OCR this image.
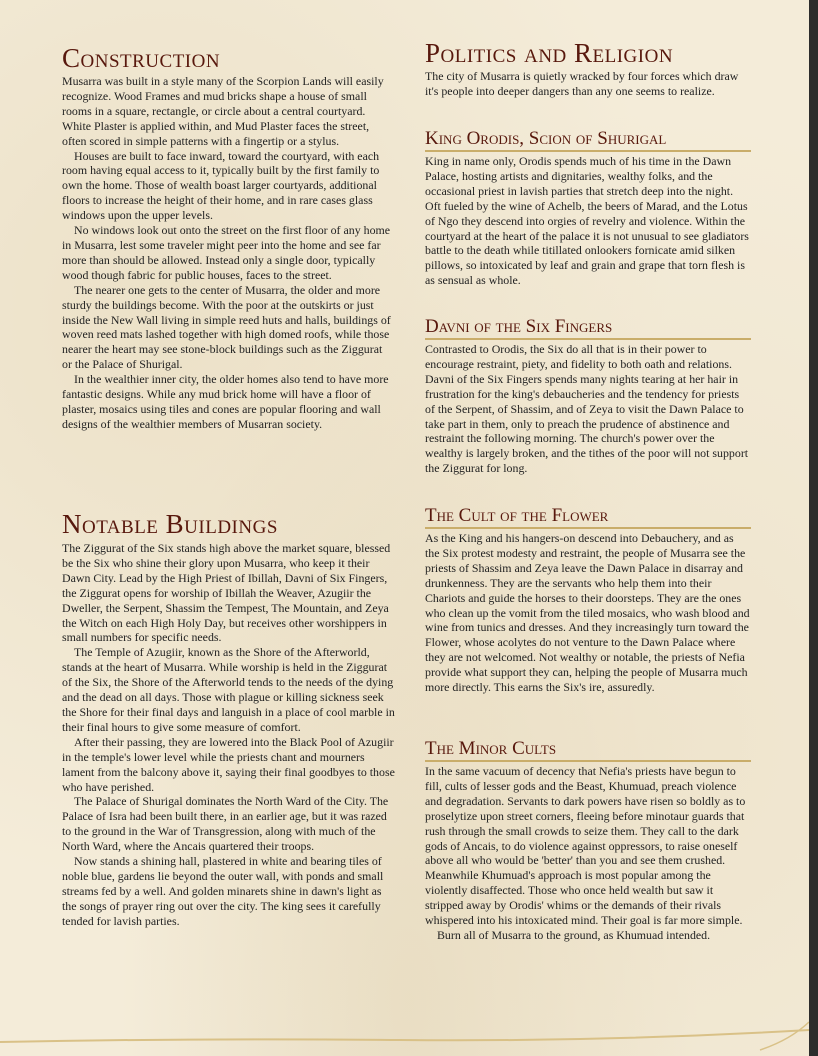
Construction

Musarra was built in a style many of the Scorpion Lands will easily recognize. Wood Frames and mud bricks shape a house of small rooms in a square, rectangle, or circle about a central courtyard. White Plaster is applied within, and Mud Plaster faces the street, often scored in simple patterns with a fingertip or a stylus.

Houses are built to face inward, toward the courtyard, with each room having equal access to it, typically built by the first family to own the home. Those of wealth boast larger courtyards, additional floors to increase the height of their home, and in rare cases glass windows upon the upper levels.

No windows look out onto the street on the first floor of any home in Musarra, lest some traveler might peer into the home and see far more than should be allowed. Instead only a single door, typically wood though fabric for public houses, faces to the street.

The nearer one gets to the center of Musarra, the older and more sturdy the buildings become. With the poor at the outskirts or just inside the New Wall living in simple reed huts and halls, buildings of woven reed mats lashed together with high domed roofs, while those nearer the heart may see stone-block buildings such as the Ziggurat or the Palace of Shurigal.

In the wealthier inner city, the older homes also tend to have more fantastic designs. While any mud brick home will have a floor of plaster, mosaics using tiles and cones are popular flooring and wall designs of the wealthier members of Musarran society.

Notable Buildings

The Ziggurat of the Six stands high above the market square, blessed be the Six who shine their glory upon Musarra, who keep it their Dawn City. Lead by the High Priest of Ibillah, Davni of Six Fingers, the Ziggurat opens for worship of Ibillah the Weaver, Azugiir the Dweller, the Serpent, Shassim the Tempest, The Mountain, and Zeya the Witch on each High Holy Day, but receives other worshippers in small numbers for specific needs.

The Temple of Azugiir, known as the Shore of the Afterworld, stands at the heart of Musarra. While worship is held in the Ziggurat of the Six, the Shore of the Afterworld tends to the needs of the dying and the dead on all days. Those with plague or killing sickness seek the Shore for their final days and languish in a place of cool marble in their final hours to give some measure of comfort.

After their passing, they are lowered into the Black Pool of Azugiir in the temple's lower level while the priests chant and mourners lament from the balcony above it, saying their final goodbyes to those who have perished.

The Palace of Shurigal dominates the North Ward of the City. The Palace of Isra had been built there, in an earlier age, but it was razed to the ground in the War of Transgression, along with much of the North Ward, where the Ancais quartered their troops.

Now stands a shining hall, plastered in white and bearing tiles of noble blue, gardens lie beyond the outer wall, with ponds and small streams fed by a well. And golden minarets shine in dawn's light as the songs of prayer ring out over the city. The king sees it carefully tended for lavish parties.

Politics and Religion

The city of Musarra is quietly wracked by four forces which draw it's people into deeper dangers than any one seems to realize.

King Orodis, Scion of Shurigal

King in name only, Orodis spends much of his time in the Dawn Palace, hosting artists and dignitaries, wealthy folks, and the occasional priest in lavish parties that stretch deep into the night. Oft fueled by the wine of Achelb, the beers of Marad, and the Lotus of Ngo they descend into orgies of revelry and violence. Within the courtyard at the heart of the palace it is not unusual to see gladiators battle to the death while titillated onlookers fornicate amid silken pillows, so intoxicated by leaf and grain and grape that torn flesh is as sensual as whole.

Davni of the Six Fingers

Contrasted to Orodis, the Six do all that is in their power to encourage restraint, piety, and fidelity to both oath and relations. Davni of the Six Fingers spends many nights tearing at her hair in frustration for the king's debaucheries and the tendency for priests of the Serpent, of Shassim, and of Zeya to visit the Dawn Palace to take part in them, only to preach the prudence of abstinence and restraint the following morning. The church's power over the wealthy is largely broken, and the tithes of the poor will not support the Ziggurat for long.

The Cult of the Flower

As the King and his hangers-on descend into Debauchery, and as the Six protest modesty and restraint, the people of Musarra see the priests of Shassim and Zeya leave the Dawn Palace in disarray and drunkenness. They are the servants who help them into their Chariots and guide the horses to their doorsteps. They are the ones who clean up the vomit from the tiled mosaics, who wash blood and wine from tunics and dresses. And they increasingly turn toward the Flower, whose acolytes do not venture to the Dawn Palace where they are not welcomed. Not wealthy or notable, the priests of Nefia provide what support they can, helping the people of Musarra much more directly. This earns the Six's ire, assuredly.

The Minor Cults

In the same vacuum of decency that Nefia's priests have begun to fill, cults of lesser gods and the Beast, Khumuad, preach violence and degradation. Servants to dark powers have risen so boldly as to proselytize upon street corners, fleeing before minotaur guards that rush through the small crowds to seize them. They call to the dark gods of Ancais, to do violence against oppressors, to raise oneself above all who would be 'better' than you and see them crushed. Meanwhile Khumuad's approach is most popular among the violently disaffected. Those who once held wealth but saw it stripped away by Orodis' whims or the demands of their rivals whispered into his intoxicated mind. Their goal is far more simple.

Burn all of Musarra to the ground, as Khumuad intended.
